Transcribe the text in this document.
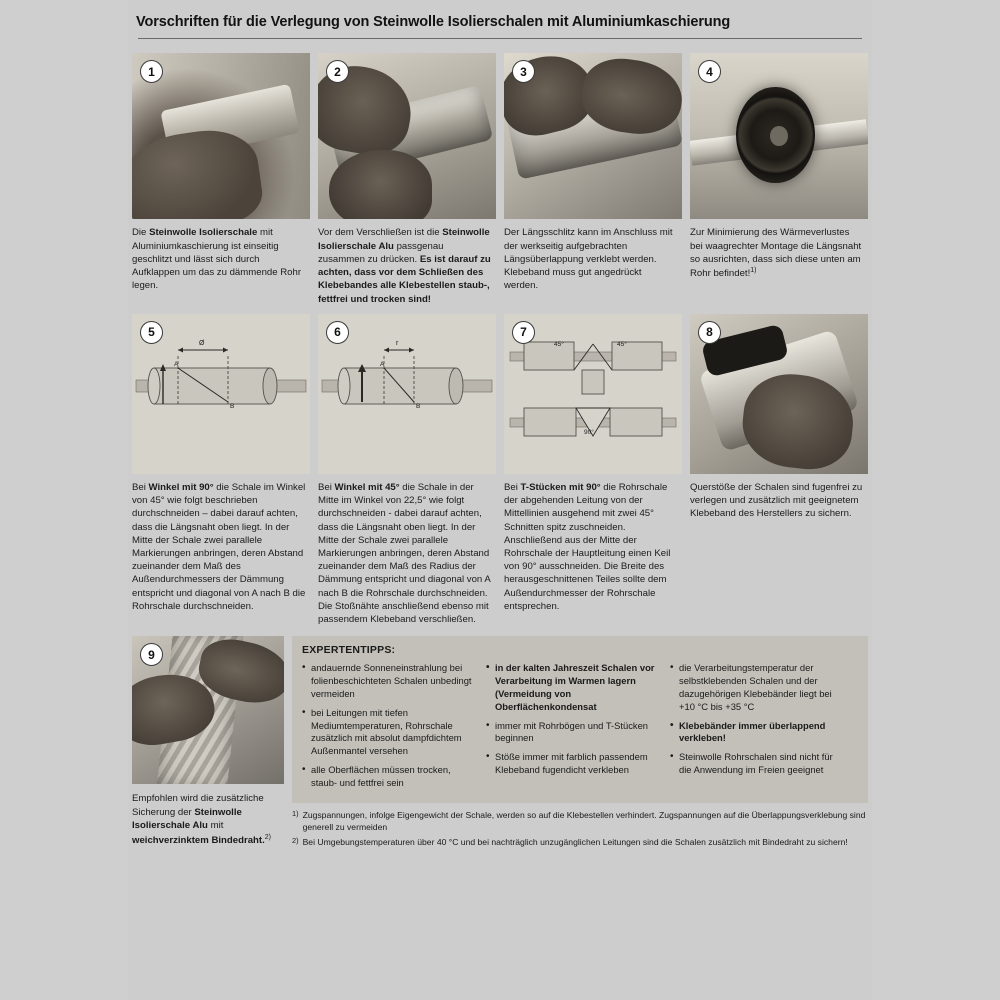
Vorschriften für die Verlegung von Steinwolle Isolierschalen mit Aluminiumkaschierung
1
Die Steinwolle Isolierschale mit Aluminiumkaschierung ist einseitig geschlitzt und lässt sich durch Aufklappen um das zu dämmende Rohr legen.
2
Vor dem Verschließen ist die Steinwolle Isolierschale Alu passgenau zusammen zu drücken. Es ist darauf zu achten, dass vor dem Schließen des Klebebandes alle Klebestellen staub-, fettfrei und trocken sind!
3
Der Längsschlitz kann im Anschluss mit der werkseitig aufgebrachten Längsüberlappung verklebt werden. Klebeband muss gut angedrückt werden.
4
Zur Minimierung des Wärmeverlustes bei waagrechter Montage die Längsnaht so ausrichten, dass sich diese unten am Rohr befindet!$^{1)}$
5
Ø
A
B
Bei Winkel mit 90° die Schale im Winkel von 45° wie folgt beschrieben durchschneiden – dabei darauf achten, dass die Längsnaht oben liegt. In der Mitte der Schale zwei parallele Markierungen anbringen, deren Abstand zueinander dem Maß des Außendurchmessers der Dämmung entspricht und diagonal von A nach B die Rohrschale durchschneiden.
6
r
A
B
Bei Winkel mit 45° die Schale in der Mitte im Winkel von 22,5° wie folgt durchschneiden - dabei darauf achten, dass die Längsnaht oben liegt. In der Mitte der Schale zwei parallele Markierungen anbringen, deren Abstand zueinander dem Maß des Radius der Dämmung entspricht und diagonal von A nach B die Rohrschale durchschneiden. Die Stoßnähte anschließend ebenso mit passendem Klebeband verschließen.
7
45°	45°
90°
Bei T-Stücken mit 90° die Rohrschale der abgehenden Leitung von der Mittellinien ausgehend mit zwei 45° Schnitten spitz zuschneiden. Anschließend aus der Mitte der Rohrschale der Hauptleitung einen Keil von 90° ausschneiden. Die Breite des herausgeschnittenen Teiles sollte dem Außendurchmesser der Rohrschale entsprechen.
8
Querstöße der Schalen sind fugenfrei zu verlegen und zusätzlich mit geeignetem Klebeband des Herstellers zu sichern.
9
Empfohlen wird die zusätzliche Sicherung der Steinwolle Isolierschale Alu mit weichverzinktem Bindedraht.$^{2)}$
EXPERTENTIPPS:
• andauernde Sonneneinstrahlung bei folienbeschichteten Schalen unbedingt vermeiden
• bei Leitungen mit tiefen Mediumtemperaturen, Rohrschale zusätzlich mit absolut dampfdichtem Außenmantel versehen
• alle Oberflächen müssen trocken, staub- und fettfrei sein
• in der kalten Jahreszeit Schalen vor Verarbeitung im Warmen lagern (Vermeidung von Oberflächenkondensat
• immer mit Rohrbögen und T-Stücken beginnen
• Stöße immer mit farblich passendem Klebeband fugendicht verkleben
• die Verarbeitungstemperatur der selbstklebenden Schalen und der dazugehörigen Klebebänder liegt bei +10 °C bis +35 °C
• Klebebänder immer überlappend verkleben!
• Steinwolle Rohrschalen sind nicht für die Anwendung im Freien geeignet
1) Zugspannungen, infolge Eigengewicht der Schale, werden so auf die Klebestellen verhindert. Zugspannungen auf die Überlappungsverklebung sind generell zu vermeiden
2) Bei Umgebungstemperaturen über 40 °C und bei nachträglich unzugänglichen Leitungen sind die Schalen zusätzlich mit Bindedraht zu sichern!
